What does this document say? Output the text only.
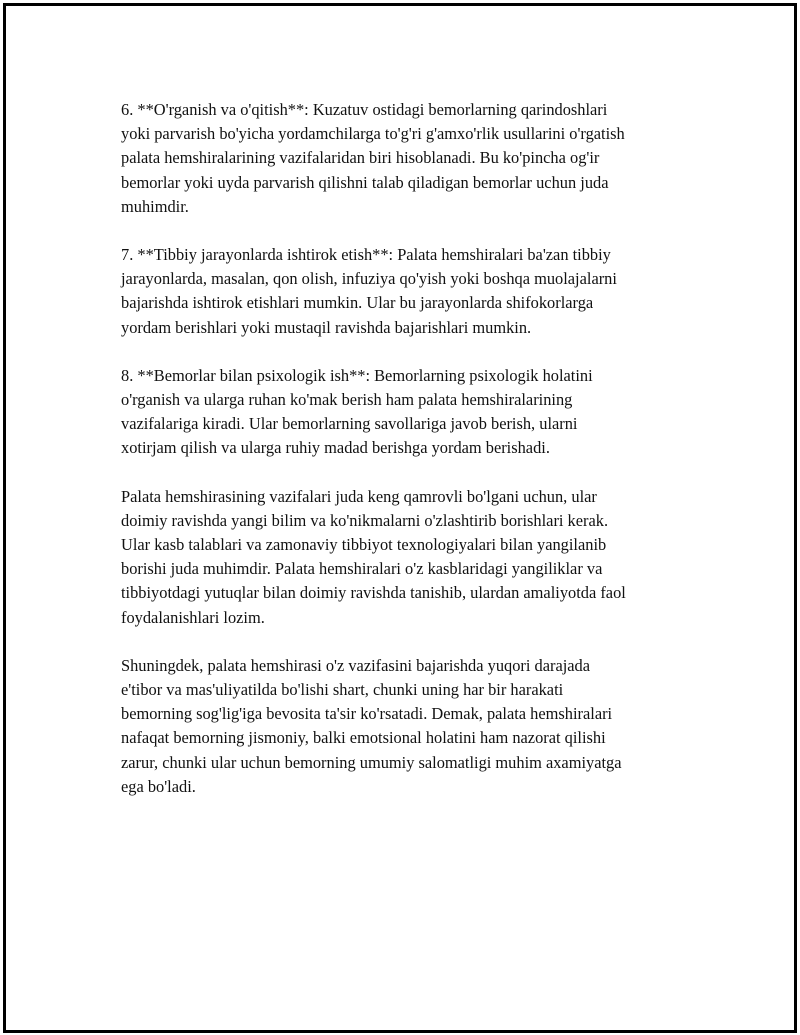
6. **O'rganish va o'qitish**: Kuzatuv ostidagi bemorlarning qarindoshlari
yoki parvarish bo'yicha yordamchilarga to'g'ri g'amxo'rlik usullarini o'rgatish
palata hemshiralarining vazifalaridan biri hisoblanadi. Bu ko'pincha og'ir
bemorlar yoki uyda parvarish qilishni talab qiladigan bemorlar uchun juda
muhimdir.

7. **Tibbiy jarayonlarda ishtirok etish**: Palata hemshiralari ba'zan tibbiy
jarayonlarda, masalan, qon olish, infuziya qo'yish yoki boshqa muolajalarni
bajarishda ishtirok etishlari mumkin. Ular bu jarayonlarda shifokorlarga
yordam berishlari yoki mustaqil ravishda bajarishlari mumkin.

8. **Bemorlar bilan psixologik ish**: Bemorlarning psixologik holatini
o'rganish va ularga ruhan ko'mak berish ham palata hemshiralarining
vazifalariga kiradi. Ular bemorlarning savollariga javob berish, ularni
xotirjam qilish va ularga ruhiy madad berishga yordam berishadi.

Palata hemshirasining vazifalari juda keng qamrovli bo'lgani uchun, ular
doimiy ravishda yangi bilim va ko'nikmalarni o'zlashtirib borishlari kerak.
Ular kasb talablari va zamonaviy tibbiyot texnologiyalari bilan yangilanib
borishi juda muhimdir. Palata hemshiralari o'z kasblaridagi yangiliklar va
tibbiyotdagi yutuqlar bilan doimiy ravishda tanishib, ulardan amaliyotda faol
foydalanishlari lozim.

Shuningdek, palata hemshirasi o'z vazifasini bajarishda yuqori darajada
e'tibor va mas'uliyatilda bo'lishi shart, chunki uning har bir harakati
bemorning sog'lig'iga bevosita ta'sir ko'rsatadi. Demak, palata hemshiralari
nafaqat bemorning jismoniy, balki emotsional holatini ham nazorat qilishi
zarur, chunki ular uchun bemorning umumiy salomatligi muhim axamiyatga
ega bo'ladi.
